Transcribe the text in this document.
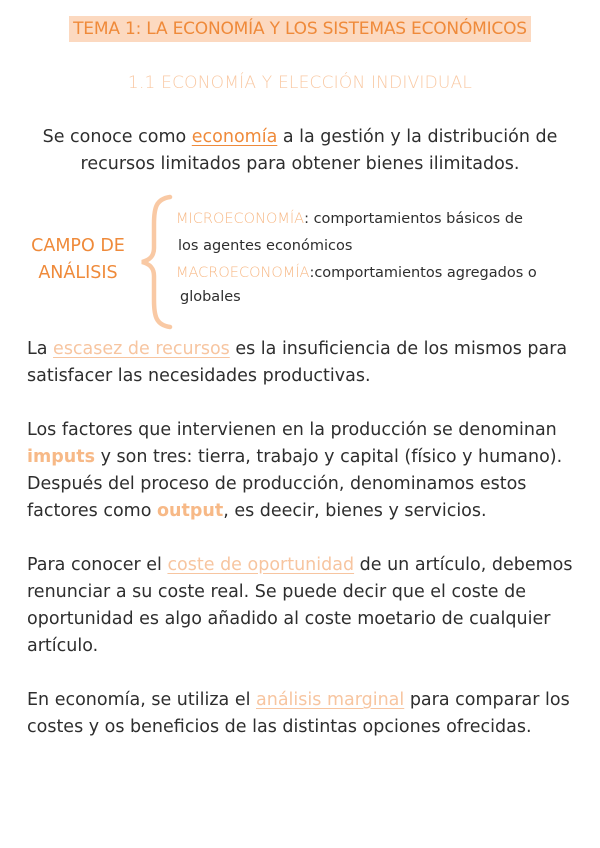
TEMA 1: LA ECONOMÍA Y LOS SISTEMAS ECONÓMICOS
1.1 ECONOMÍA Y ELECCIÓN INDIVIDUAL
Se conoce como economía a la gestión y la distribución de recursos limitados para obtener bienes ilimitados.
CAMPO DE
ANÁLISIS
MICROECONOMÍA: comportamientos básicos de
los agentes económicos
MACROECONOMÍA:comportamientos agregados o
globales
La escasez de recursos es la insuficiencia de los mismos para satisfacer las necesidades productivas.
Los factores que intervienen en la producción se denominan imputs y son tres: tierra, trabajo y capital (físico y humano). Después del proceso de producción, denominamos estos factores como output, es deecir, bienes y servicios.
Para conocer el coste de oportunidad de un artículo, debemos renunciar a su coste real. Se puede decir que el coste de oportunidad es algo añadido al coste moetario de cualquier artículo.
En economía, se utiliza el análisis marginal para comparar los costes y os beneficios de las distintas opciones ofrecidas.
